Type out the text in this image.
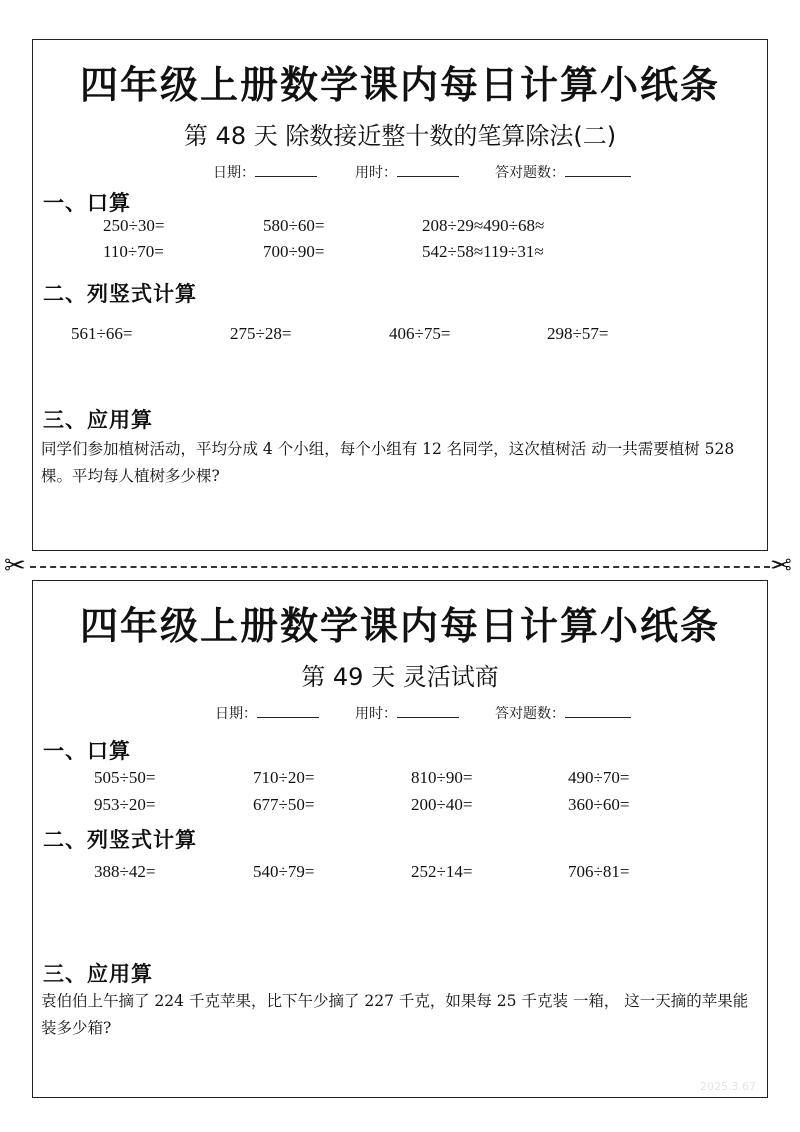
四年级上册数学课内每日计算小纸条
第 48 天 除数接近整十数的笔算除法(二)
日期：	用时：	答对题数：
一、口算
250÷30=	580÷60=	208÷29≈490÷68≈
110÷70=	700÷90=	542÷58≈119÷31≈
二、列竖式计算
561÷66=	275÷28=	406÷75=	298÷57=
三、应用算
同学们参加植树活动，平均分成 4 个小组，每个小组有 12 名同学，这次植树活 动一共需要植树 528 棵。平均每人植树多少棵?
✂	✂
四年级上册数学课内每日计算小纸条
第 49 天 灵活试商
日期：	用时：	答对题数：
一、口算
505÷50=	710÷20=	810÷90=	490÷70=
953÷20=	677÷50=	200÷40=	360÷60=
二、列竖式计算
388÷42=	540÷79=	252÷14=	706÷81=
三、应用算
袁伯伯上午摘了 224 千克苹果，比下午少摘了 227 千克，如果每 25 千克装 一箱， 这一天摘的苹果能装多少箱?
2025.3.67
